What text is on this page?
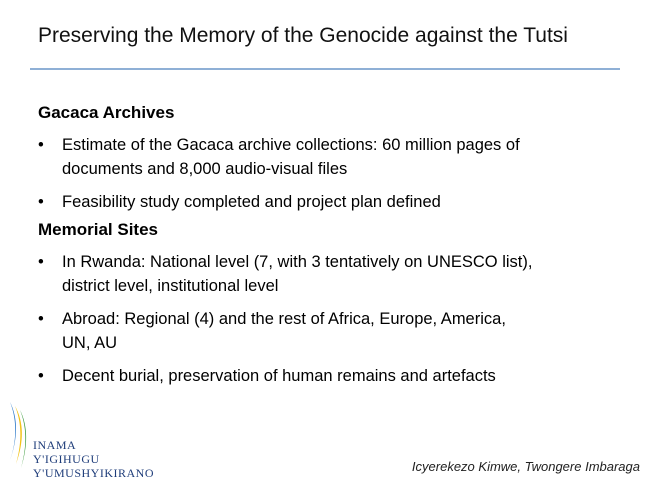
Preserving the Memory of the Genocide against the Tutsi
Gacaca Archives
•	Estimate of the Gacaca archive collections: 60 million pages of
documents and 8,000 audio-visual files
•	Feasibility study completed and project plan defined
Memorial Sites
•	In Rwanda: National level (7, with 3 tentatively on UNESCO list),
district level, institutional level
•	Abroad: Regional (4) and the rest of Africa, Europe, America,
UN, AU
•	Decent burial, preservation of human remains and artefacts
INAMA
Y'IGIHUGU
Y'UMUSHYIKIRANO	Icyerekezo Kimwe, Twongere Imbaraga
